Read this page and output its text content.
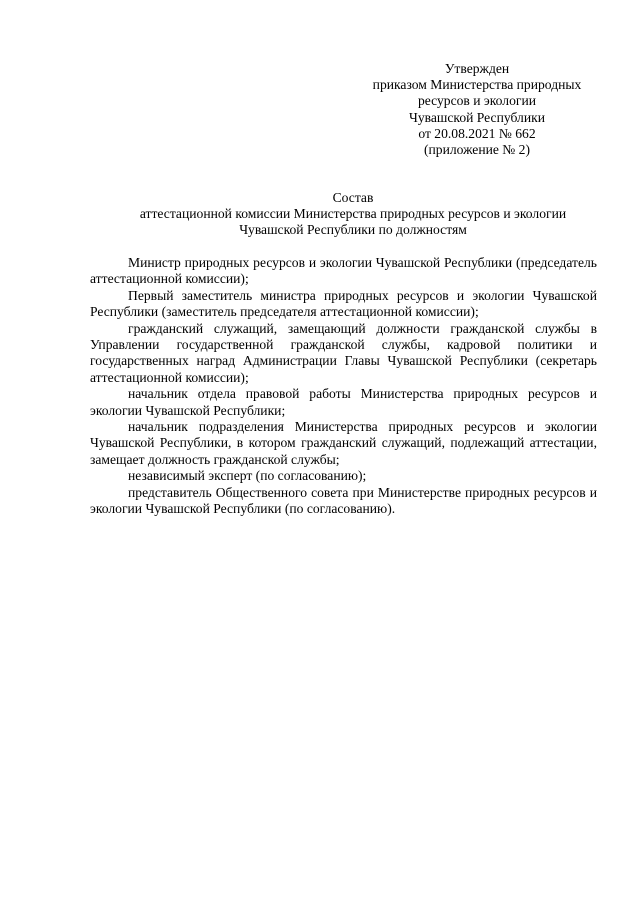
Утвержден
приказом Министерства природных
ресурсов и экологии
Чувашской Республики
от 20.08.2021 № 662
(приложение № 2)
Состав
аттестационной комиссии Министерства природных ресурсов и экологии
Чувашской Республики по должностям

Министр природных ресурсов и экологии Чувашской Республики (председатель аттестационной комиссии);

Первый заместитель министра природных ресурсов и экологии Чувашской Республики (заместитель председателя аттестационной комиссии);

гражданский служащий, замещающий должности гражданской службы в Управлении государственной гражданской службы, кадровой политики и государственных наград Администрации Главы Чувашской Республики (секретарь аттестационной комиссии);

начальник отдела правовой работы Министерства природных ресурсов и экологии Чувашской Республики;

начальник подразделения Министерства природных ресурсов и экологии Чувашской Республики, в котором гражданский служащий, подлежащий аттестации, замещает должность гражданской службы;

независимый эксперт (по согласованию);

представитель Общественного совета при Министерстве природных ресурсов и экологии Чувашской Республики (по согласованию).
